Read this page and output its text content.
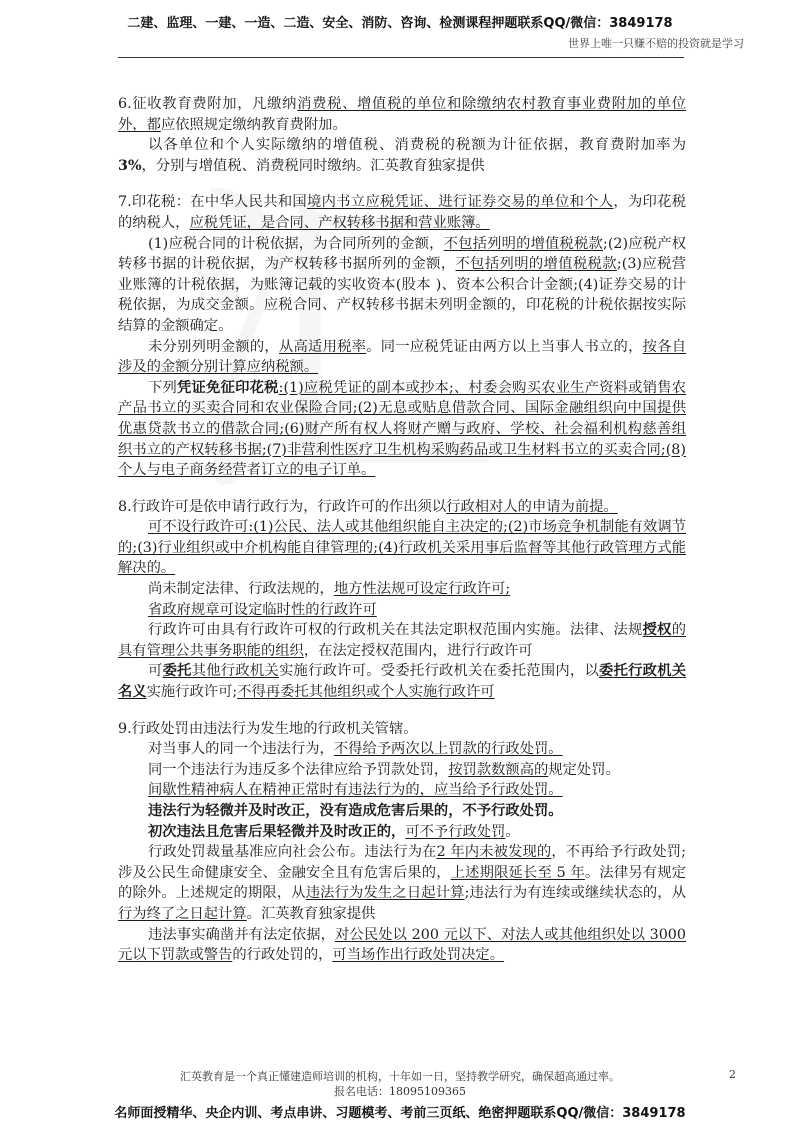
二建、监理、一建、一造、二造、安全、消防、咨询、检测课程押题联系QQ/微信：3849178
世界上唯一只赚不赔的投资就是学习

6.征收教育费附加，凡缴纳消费税、增值税的单位和除缴纳农村教育事业费附加的单位外，都应依照规定缴纳教育费附加。

以各单位和个人实际缴纳的增值税、消费税的税额为计征依据，教育费附加率为3%，分别与增值税、消费税同时缴纳。汇英教育独家提供

7.印花税：在中华人民共和国境内书立应税凭证、进行证券交易的单位和个人，为印花税的纳税人，应税凭证，是合同、产权转移书据和营业账簿。

(1)应税合同的计税依据，为合同所列的金额，不包括列明的增值税税款;(2)应税产权转移书据的计税依据，为产权转移书据所列的金额，不包括列明的增值税税款;(3)应税营业账簿的计税依据，为账簿记载的实收资本(股本 )、资本公积合计金额;(4)证券交易的计税依据，为成交金额。应税合同、产权转移书据未列明金额的，印花税的计税依据按实际结算的金额确定。

未分别列明金额的，从高适用税率。同一应税凭证由两方以上当事人书立的，按各自涉及的金额分别计算应纳税额。

下列凭证免征印花税:(1)应税凭证的副本或抄本;、村委会购买农业生产资料或销售农产品书立的买卖合同和农业保险合同;(2)无息或贴息借款合同、国际金融组织向中国提供优惠贷款书立的借款合同;(6)财产所有权人将财产赠与政府、学校、社会福利机构慈善组织书立的产权转移书据;(7)非营利性医疗卫生机构采购药品或卫生材料书立的买卖合同;(8)个人与电子商务经营者订立的电子订单。

8.行政许可是依申请行政行为，行政许可的作出须以行政相对人的申请为前提。

可不设行政许可:(1)公民、法人或其他组织能自主决定的;(2)市场竞争机制能有效调节的;(3)行业组织或中介机构能自律管理的;(4)行政机关采用事后监督等其他行政管理方式能解决的。

尚未制定法律、行政法规的，地方性法规可设定行政许可;

省政府规章可设定临时性的行政许可

行政许可由具有行政许可权的行政机关在其法定职权范围内实施。法律、法规授权的具有管理公共事务职能的组织，在法定授权范围内，进行行政许可

可委托其他行政机关实施行政许可。受委托行政机关在委托范围内，以委托行政机关名义实施行政许可;不得再委托其他组织或个人实施行政许可

9.行政处罚由违法行为发生地的行政机关管辖。

对当事人的同一个违法行为，不得给予两次以上罚款的行政处罚。

同一个违法行为违反多个法律应给予罚款处罚，按罚款数额高的规定处罚。

间歇性精神病人在精神正常时有违法行为的，应当给予行政处罚。

违法行为轻微并及时改正，没有造成危害后果的，不予行政处罚。

初次违法且危害后果轻微并及时改正的，可不予行政处罚。

行政处罚裁量基准应向社会公布。违法行为在2 年内未被发现的，不再给予行政处罚;涉及公民生命健康安全、金融安全且有危害后果的，上述期限延长至 5 年。法律另有规定的除外。上述规定的期限，从违法行为发生之日起计算;违法行为有连续或继续状态的，从行为终了之日起计算。汇英教育独家提供

违法事实确凿并有法定依据，对公民处以 200 元以下、对法人或其他组织处以 3000 元以下罚款或警告的行政处罚的，可当场作出行政处罚决定。

汇英教育是一个真正懂建造师培训的机构，十年如一日，坚持教学研究，确保超高通过率。
报名电话：18095109365
2
名师面授精华、央企内训、考点串讲、习题模考、考前三页纸、绝密押题联系QQ/微信：3849178
